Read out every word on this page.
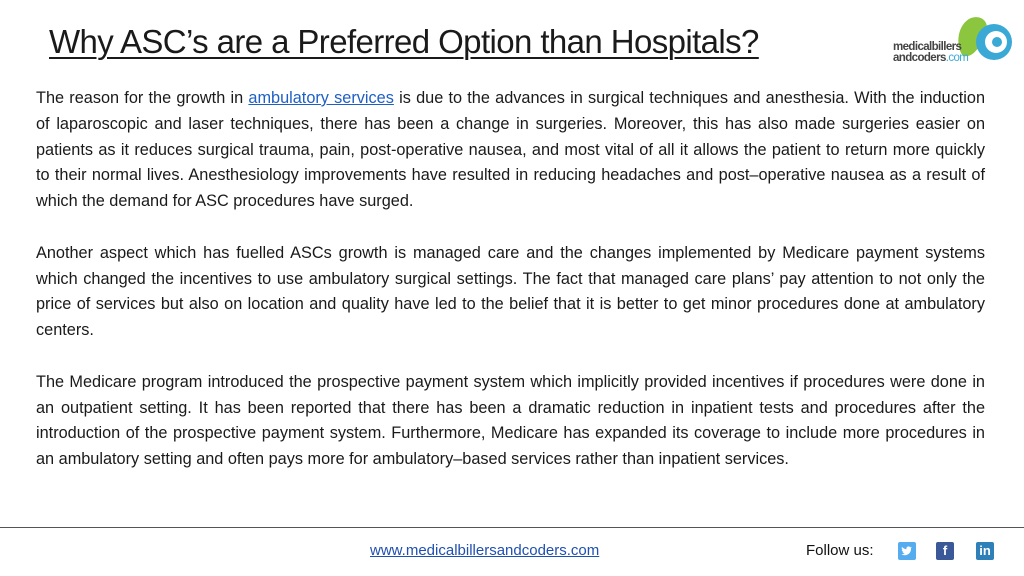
Why ASC’s are a Preferred Option than Hospitals?	medicalbillers
andcoders.com

The reason for the growth in ambulatory services is due to the advances in surgical techniques and anesthesia. With the induction of laparoscopic and laser techniques, there has been a change in surgeries. Moreover, this has also made surgeries easier on patients as it reduces surgical trauma, pain, post-operative nausea, and most vital of all it allows the patient to return more quickly to their normal lives. Anesthesiology improvements have resulted in reducing headaches and post–operative nausea as a result of which the demand for ASC procedures have surged.

Another aspect which has fuelled ASCs growth is managed care and the changes implemented by Medicare payment systems which changed the incentives to use ambulatory surgical settings. The fact that managed care plans’ pay attention to not only the price of services but also on location and quality have led to the belief that it is better to get minor procedures done at ambulatory centers.

The Medicare program introduced the prospective payment system which implicitly provided incentives if procedures were done in an outpatient setting. It has been reported that there has been a dramatic reduction in inpatient tests and procedures after the introduction of the prospective payment system. Furthermore, Medicare has expanded its coverage to include more procedures in an ambulatory setting and often pays more for ambulatory–based services rather than inpatient services.

www.medicalbillersandcoders.com	Follow us:	f	in
